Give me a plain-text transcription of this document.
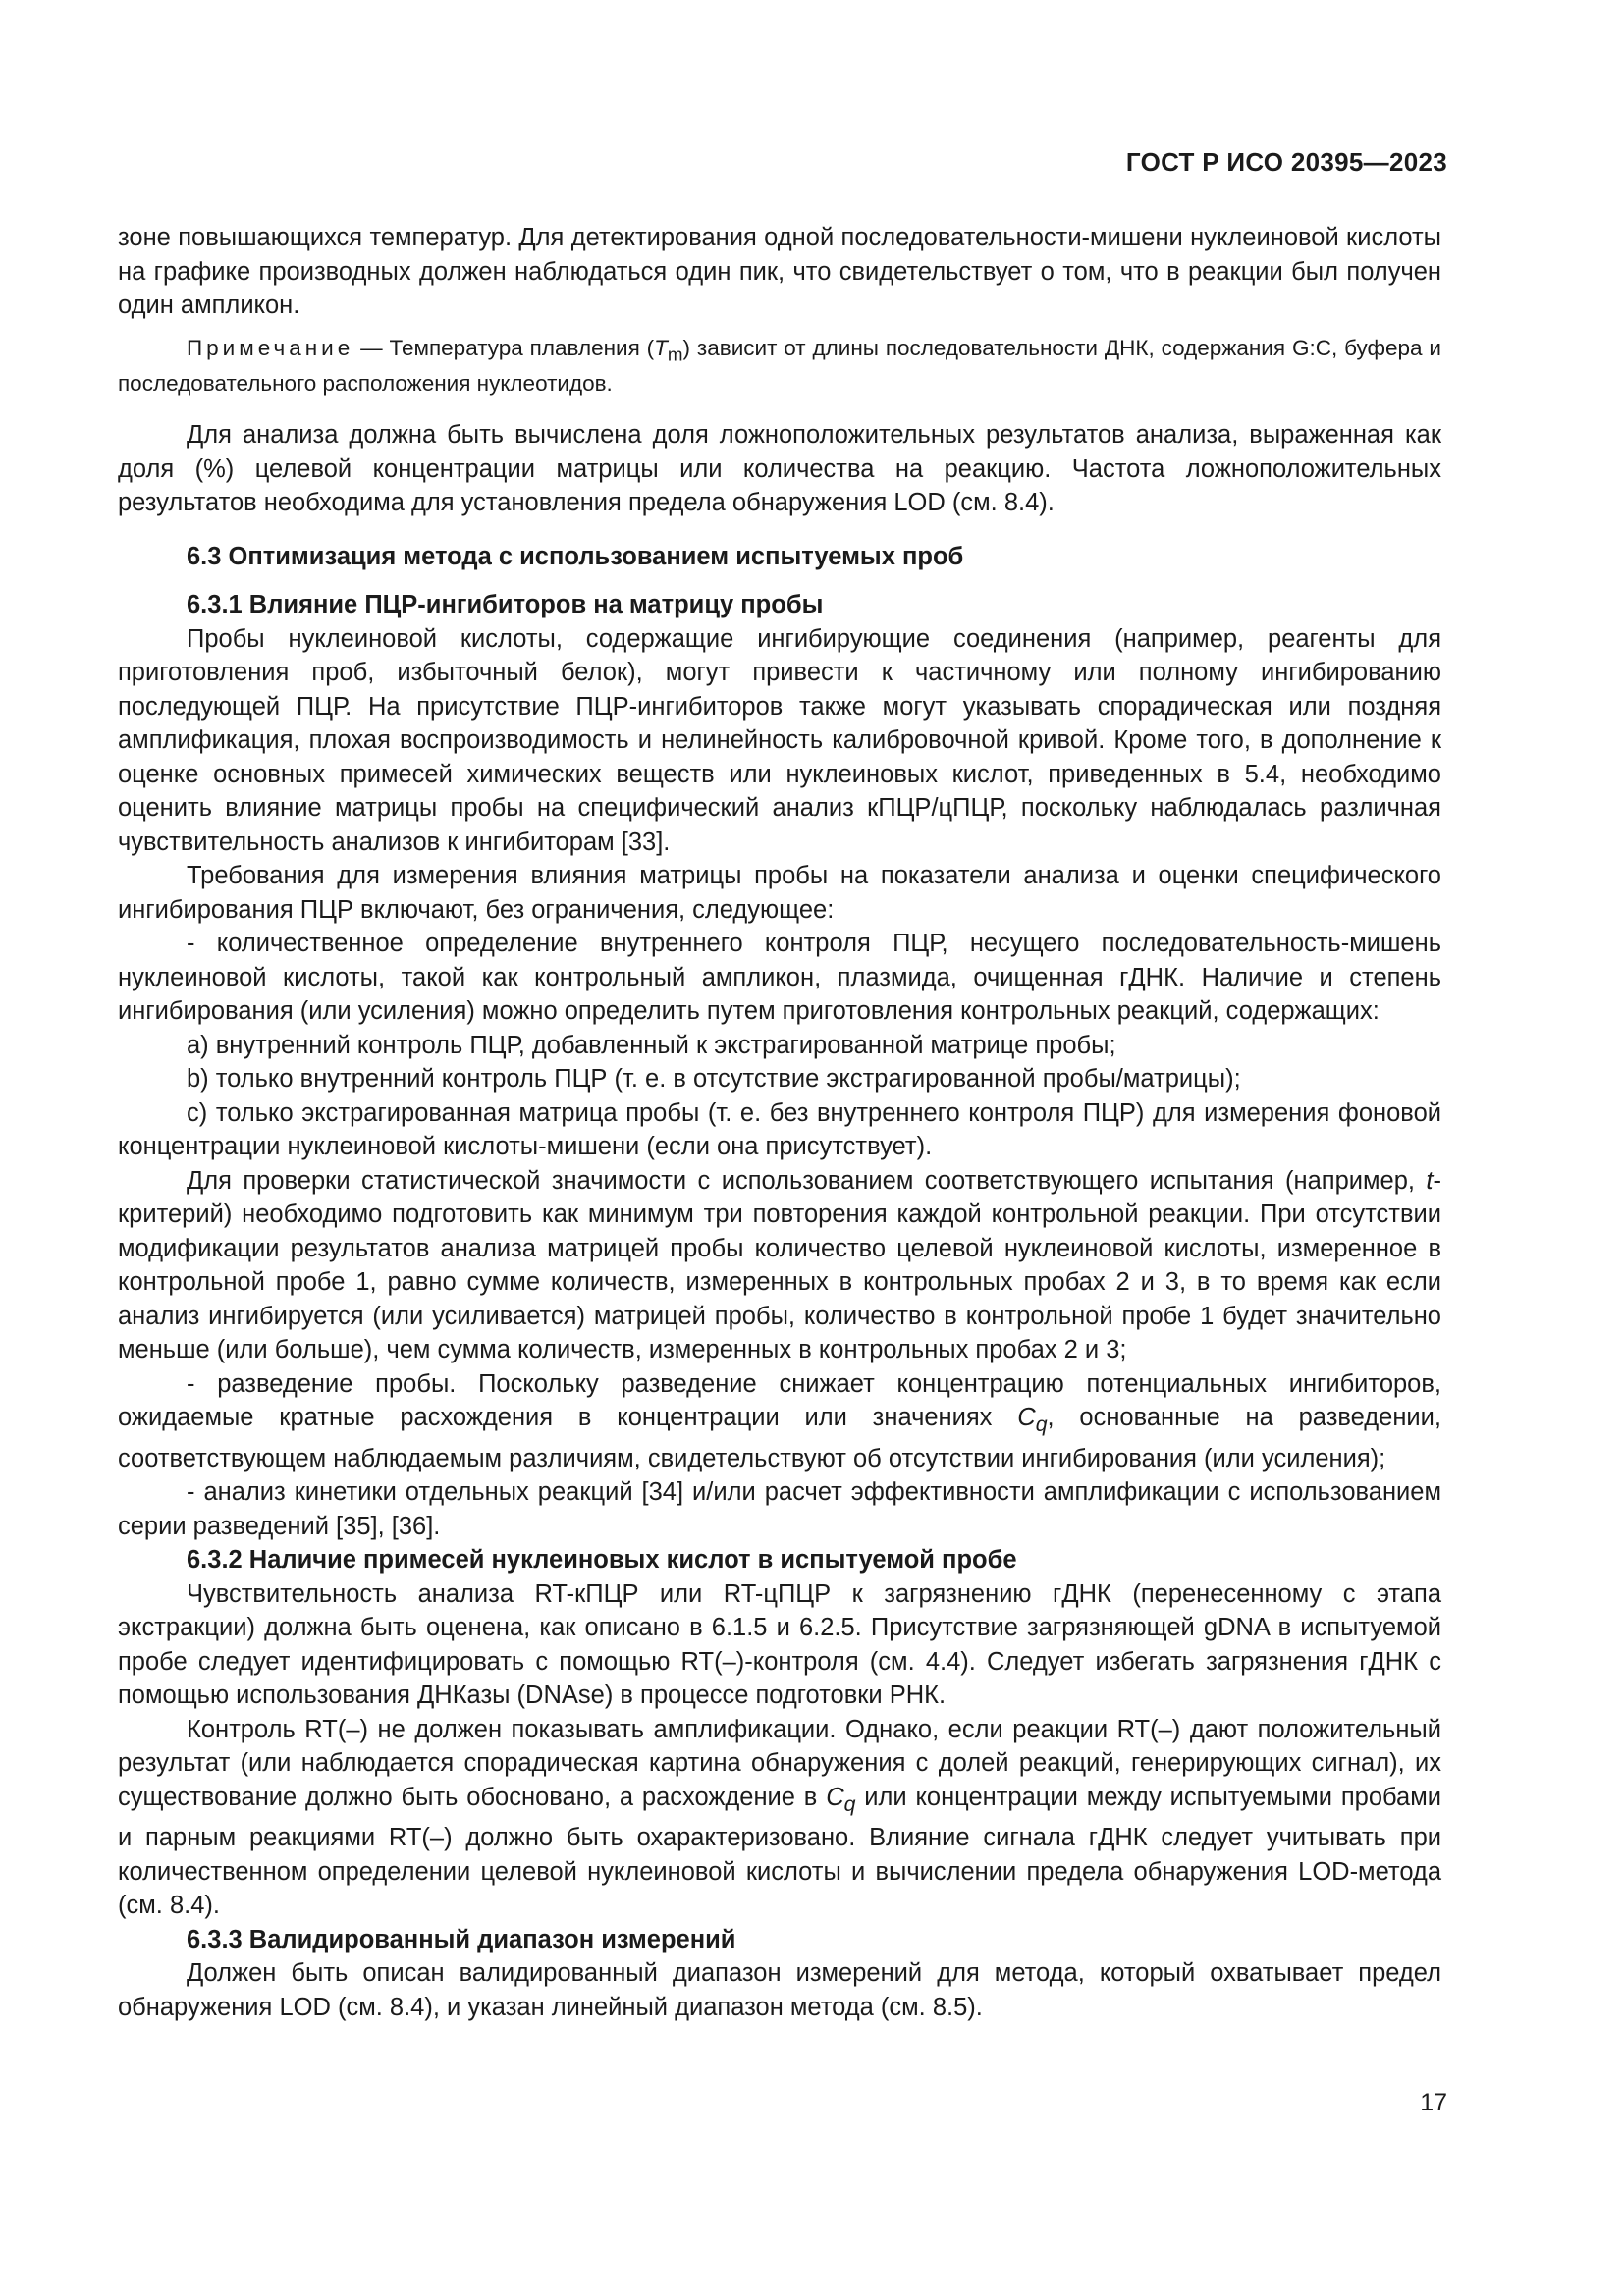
ГОСТ Р ИСО 20395—2023

зоне повышающихся температур. Для детектирования одной последовательности-мишени нуклеиновой кислоты на графике производных должен наблюдаться один пик, что свидетельствует о том, что в реакции был получен один ампликон.

Примечание — Температура плавления $(T_m)$ зависит от длины последовательности ДНК, содержания G:C, буфера и последовательного расположения нуклеотидов.

Для анализа должна быть вычислена доля ложноположительных результатов анализа, выраженная как доля (%) целевой концентрации матрицы или количества на реакцию. Частота ложноположительных результатов необходима для установления предела обнаружения LOD (см. 8.4).

6.3 Оптимизация метода с использованием испытуемых проб

6.3.1 Влияние ПЦР-ингибиторов на матрицу пробы

Пробы нуклеиновой кислоты, содержащие ингибирующие соединения (например, реагенты для приготовления проб, избыточный белок), могут привести к частичному или полному ингибированию последующей ПЦР. На присутствие ПЦР-ингибиторов также могут указывать спорадическая или поздняя амплификация, плохая воспроизводимость и нелинейность калибровочной кривой. Кроме того, в дополнение к оценке основных примесей химических веществ или нуклеиновых кислот, приведенных в 5.4, необходимо оценить влияние матрицы пробы на специфический анализ кПЦР/цПЦР, поскольку наблюдалась различная чувствительность анализов к ингибиторам [33].

Требования для измерения влияния матрицы пробы на показатели анализа и оценки специфического ингибирования ПЦР включают, без ограничения, следующее:

- количественное определение внутреннего контроля ПЦР, несущего последовательность-мишень нуклеиновой кислоты, такой как контрольный ампликон, плазмида, очищенная гДНК. Наличие и степень ингибирования (или усиления) можно определить путем приготовления контрольных реакций, содержащих:

a) внутренний контроль ПЦР, добавленный к экстрагированной матрице пробы;

b) только внутренний контроль ПЦР (т. е. в отсутствие экстрагированной пробы/матрицы);

c) только экстрагированная матрица пробы (т. е. без внутреннего контроля ПЦР) для измерения фоновой концентрации нуклеиновой кислоты-мишени (если она присутствует).

Для проверки статистической значимости с использованием соответствующего испытания (например, t-критерий) необходимо подготовить как минимум три повторения каждой контрольной реакции. При отсутствии модификации результатов анализа матрицей пробы количество целевой нуклеиновой кислоты, измеренное в контрольной пробе 1, равно сумме количеств, измеренных в контрольных пробах 2 и 3, в то время как если анализ ингибируется (или усиливается) матрицей пробы, количество в контрольной пробе 1 будет значительно меньше (или больше), чем сумма количеств, измеренных в контрольных пробах 2 и 3;

- разведение пробы. Поскольку разведение снижает концентрацию потенциальных ингибиторов, ожидаемые кратные расхождения в концентрации или значениях $C_q$, основанные на разведении, соответствующем наблюдаемым различиям, свидетельствуют об отсутствии ингибирования (или усиления);

- анализ кинетики отдельных реакций [34] и/или расчет эффективности амплификации с использованием серии разведений [35], [36].

6.3.2 Наличие примесей нуклеиновых кислот в испытуемой пробе

Чувствительность анализа RT-кПЦР или RT-цПЦР к загрязнению гДНК (перенесенному с этапа экстракции) должна быть оценена, как описано в 6.1.5 и 6.2.5. Присутствие загрязняющей gDNA в испытуемой пробе следует идентифицировать с помощью RT(–)-контроля (см. 4.4). Следует избегать загрязнения гДНК с помощью использования ДНКазы (DNAse) в процессе подготовки РНК.

Контроль RT(–) не должен показывать амплификации. Однако, если реакции RT(–) дают положительный результат (или наблюдается спорадическая картина обнаружения с долей реакций, генерирующих сигнал), их существование должно быть обосновано, а расхождение в $C_q$ или концентрации между испытуемыми пробами и парным реакциями RT(–) должно быть охарактеризовано. Влияние сигнала гДНК следует учитывать при количественном определении целевой нуклеиновой кислоты и вычислении предела обнаружения LOD-метода (см. 8.4).

6.3.3 Валидированный диапазон измерений

Должен быть описан валидированный диапазон измерений для метода, который охватывает предел обнаружения LOD (см. 8.4), и указан линейный диапазон метода (см. 8.5).

17
